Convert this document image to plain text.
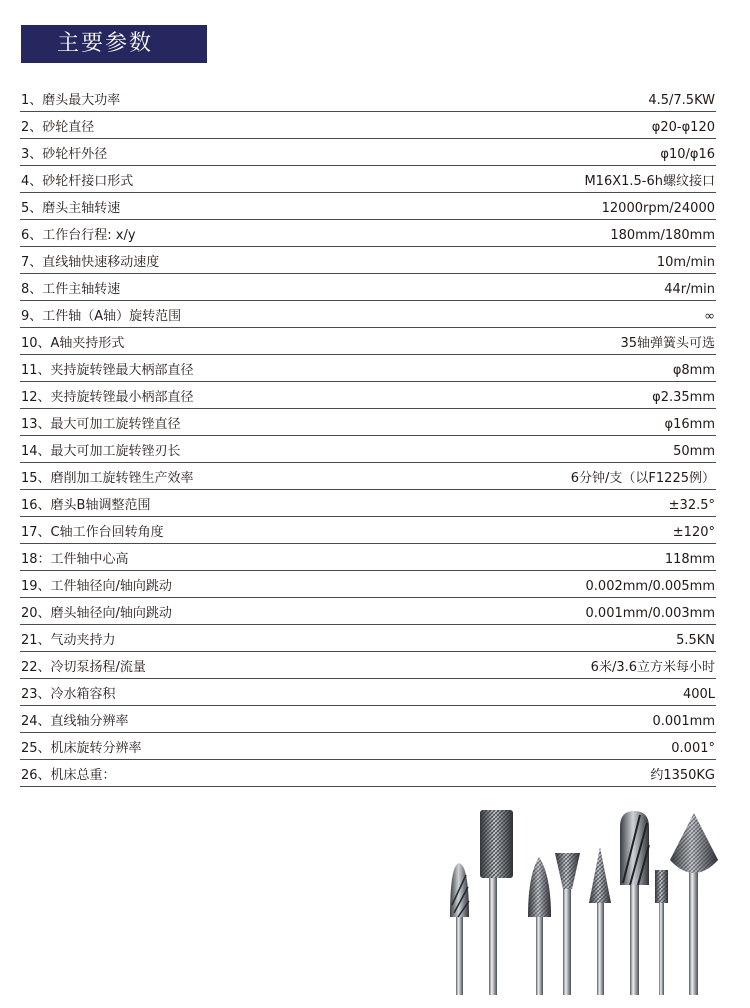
主要参数
1、磨头最大功率	4.5/7.5KW
2、砂轮直径	φ20-φ120
3、砂轮杆外径	φ10/φ16
4、砂轮杆接口形式	M16X1.5-6h螺纹接口
5、磨头主轴转速	12000rpm/24000
6、工作台行程: x/y	180mm/180mm
7、直线轴快速移动速度	10m/min
8、工件主轴转速	44r/min
9、工件轴（A轴）旋转范围	∞
10、A轴夹持形式	35轴弹簧头可选
11、夹持旋转锉最大柄部直径	φ8mm
12、夹持旋转锉最小柄部直径	φ2.35mm
13、最大可加工旋转锉直径	φ16mm
14、最大可加工旋转锉刃长	50mm
15、磨削加工旋转锉生产效率	6分钟/支（以F1225例）
16、磨头B轴调整范围	±32.5°
17、C轴工作台回转角度	±120°
18：工件轴中心高	118mm
19、工件轴径向/轴向跳动	0.002mm/0.005mm
20、磨头轴径向/轴向跳动	0.001mm/0.003mm
21、气动夹持力	5.5KN
22、冷切泵扬程/流量	6米/3.6立方米每小时
23、冷水箱容积	400L
24、直线轴分辨率	0.001mm
25、机床旋转分辨率	0.001°
26、机床总重：	约1350KG
